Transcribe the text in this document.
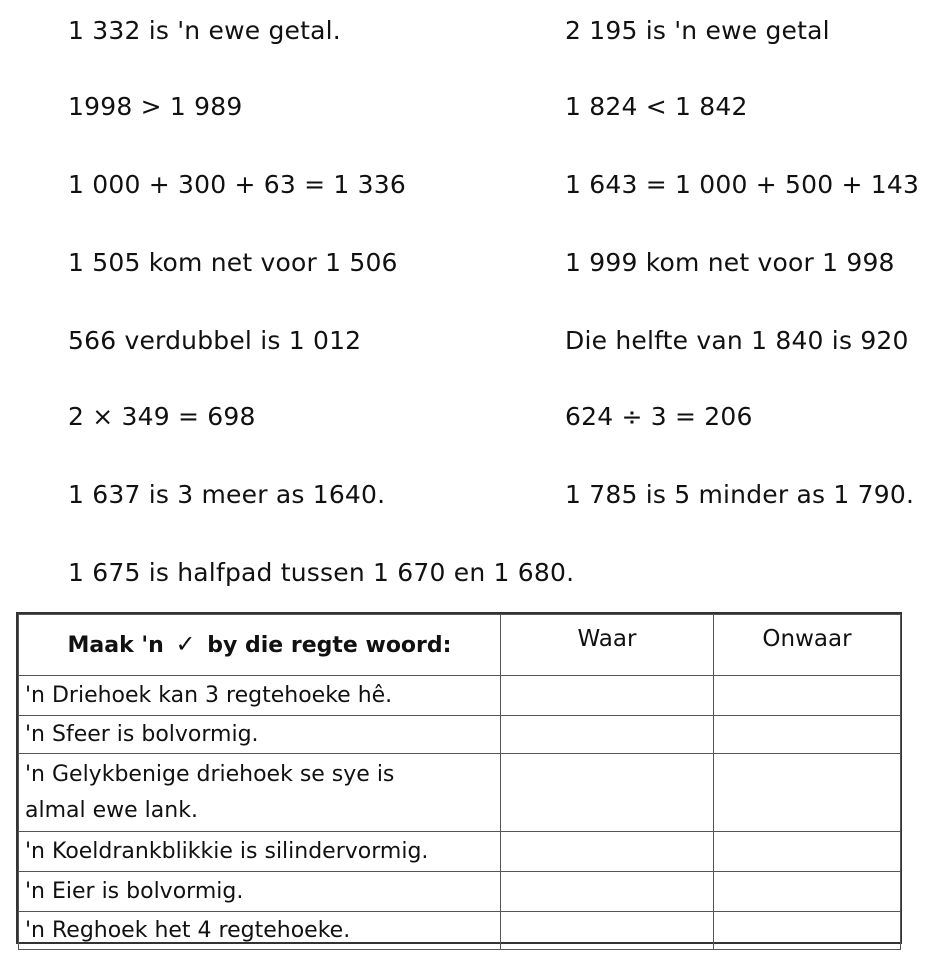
1 332 is 'n ewe getal.
1998 > 1 989
1 000 + 300 + 63 = 1 336
1 505 kom net voor 1 506
566 verdubbel is 1 012
2 × 349 = 698
1 637 is 3 meer as 1640.
2 195 is 'n ewe getal
1 824 < 1 842
1 643 = 1 000 + 500 + 143
1 999 kom net voor 1 998
Die helfte van 1 840 is 920
624 ÷ 3 = 206
1 785 is 5 minder as 1 790.
1 675 is halfpad tussen 1 670 en 1 680.
Maak 'n ✓ by die regte woord:	Waar	Onwaar
'n Driehoek kan 3 regtehoeke hê.		
'n Sfeer is bolvormig.		
'n Gelykbenige driehoek se sye is almal ewe lank.		
'n Koeldrankblikkie is silindervormig.		
'n Eier is bolvormig.		
'n Reghoek het 4 regtehoeke.		
